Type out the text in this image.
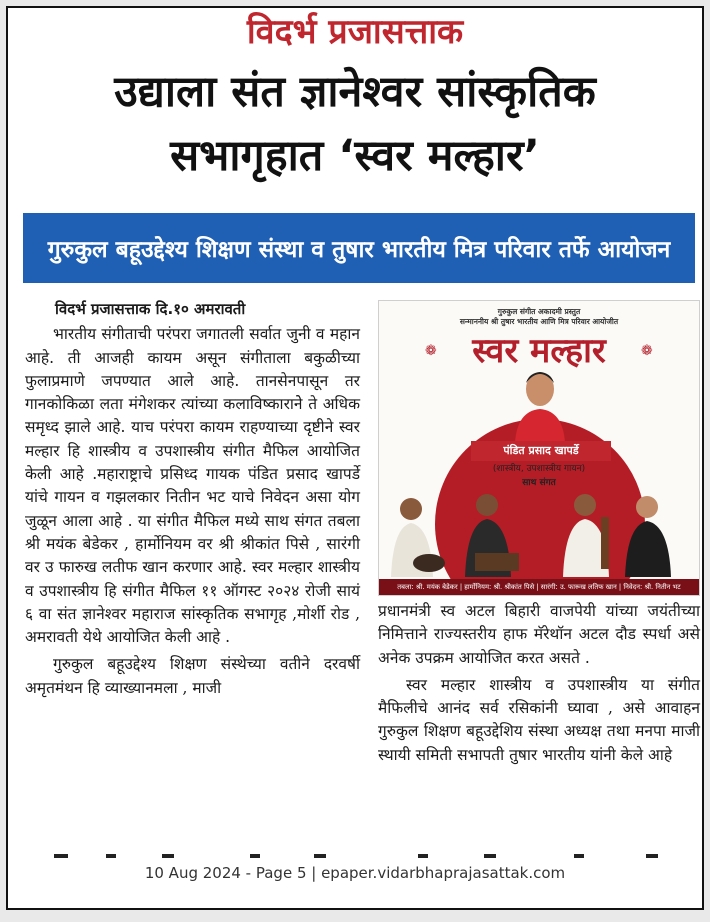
विदर्भ प्रजासत्ताक
उद्याला संत ज्ञानेश्वर सांस्कृतिक
सभागृहात ‘स्वर मल्हार’
गुरुकुल बहूउद्देश्य शिक्षण संस्था व तुषार भारतीय मित्र परिवार तर्फे आयोजन
विदर्भ प्रजासत्ताक दि.१० अमरावती

भारतीय संगीताची परंपरा जगातली सर्वात जुनी व महान आहे. ती आजही कायम असून संगीताला बकुळीच्या फुलाप्रमाणे जपण्यात आले आहे. तानसेनपासून तर गानकोकिळा लता मंगेशकर त्यांच्या कलाविष्कारानेे ते अधिक समृध्द झाले आहे. याच परंपरा कायम राहण्याच्या दृष्टीने स्वर मल्हार हि शास्त्रीय व उपशास्त्रीय संगीत मैफिल आयोजित केली आहे .महाराष्ट्राचे प्रसिध्द गायक पंडित प्रसाद खापर्डे यांचे गायन व गझलकार नितीन भट याचे निवेदन असा योग जुळून आला आहे . या संगीत मैफिल मध्ये साथ संगत तबला श्री मयंक बेडेकर , हार्मोनियम वर श्री श्रीकांत पिसे , सारंगी वर उ फारुख लतीफ खान करणार आहे. स्वर मल्हार शास्त्रीय व उपशास्त्रीय हि संगीत मैफिल ११ ऑगस्ट २०२४ रोजी सायं ६ वा संत ज्ञानेश्वर महाराज सांस्कृतिक सभागृह ,मोर्शी रोड , अमरावती येथे आयोजित केली आहे .

गुरुकुल बहूउद्देश्य शिक्षण संस्थेच्या वतीने दरवर्षी अमृतमंथन हि व्याख्यानमला , माजी

गुरुकुल संगीत अकादमी प्रस्तुत
सन्माननीय श्री तुषार भारतीय आणि मित्र परिवार आयोजीत
❁	❁
स्वर मल्हार
पंडित प्रसाद खापर्डे
(शास्त्रीय, उपशास्त्रीय गायन)
साथ संगत
तबला: श्री. मयंक बेडेकर | हार्मोनियम: श्री. श्रीकांत पिसे | सारंगी: उ. फारूख लतिफ खान | निवेदन: श्री. नितीन भट

प्रधानमंत्री स्व अटल बिहारी वाजपेयी यांच्या जयंतीच्या निमित्ताने राज्यस्तरीय हाफ मॅरेथॉन अटल दौड स्पर्धा असे अनेक उपक्रम आयोजित करत असते .

स्वर मल्हार शास्त्रीय व उपशास्त्रीय या संगीत मैफिलीचे आनंद सर्व रसिकांनी घ्यावा , असे आवाहन गुरुकुल शिक्षण बहूउद्देशिय संस्था अध्यक्ष तथा मनपा माजी स्थायी समिती सभापती तुषार भारतीय यांनी केले आहे

10 Aug 2024 - Page 5 | epaper.vidarbhaprajasattak.com
